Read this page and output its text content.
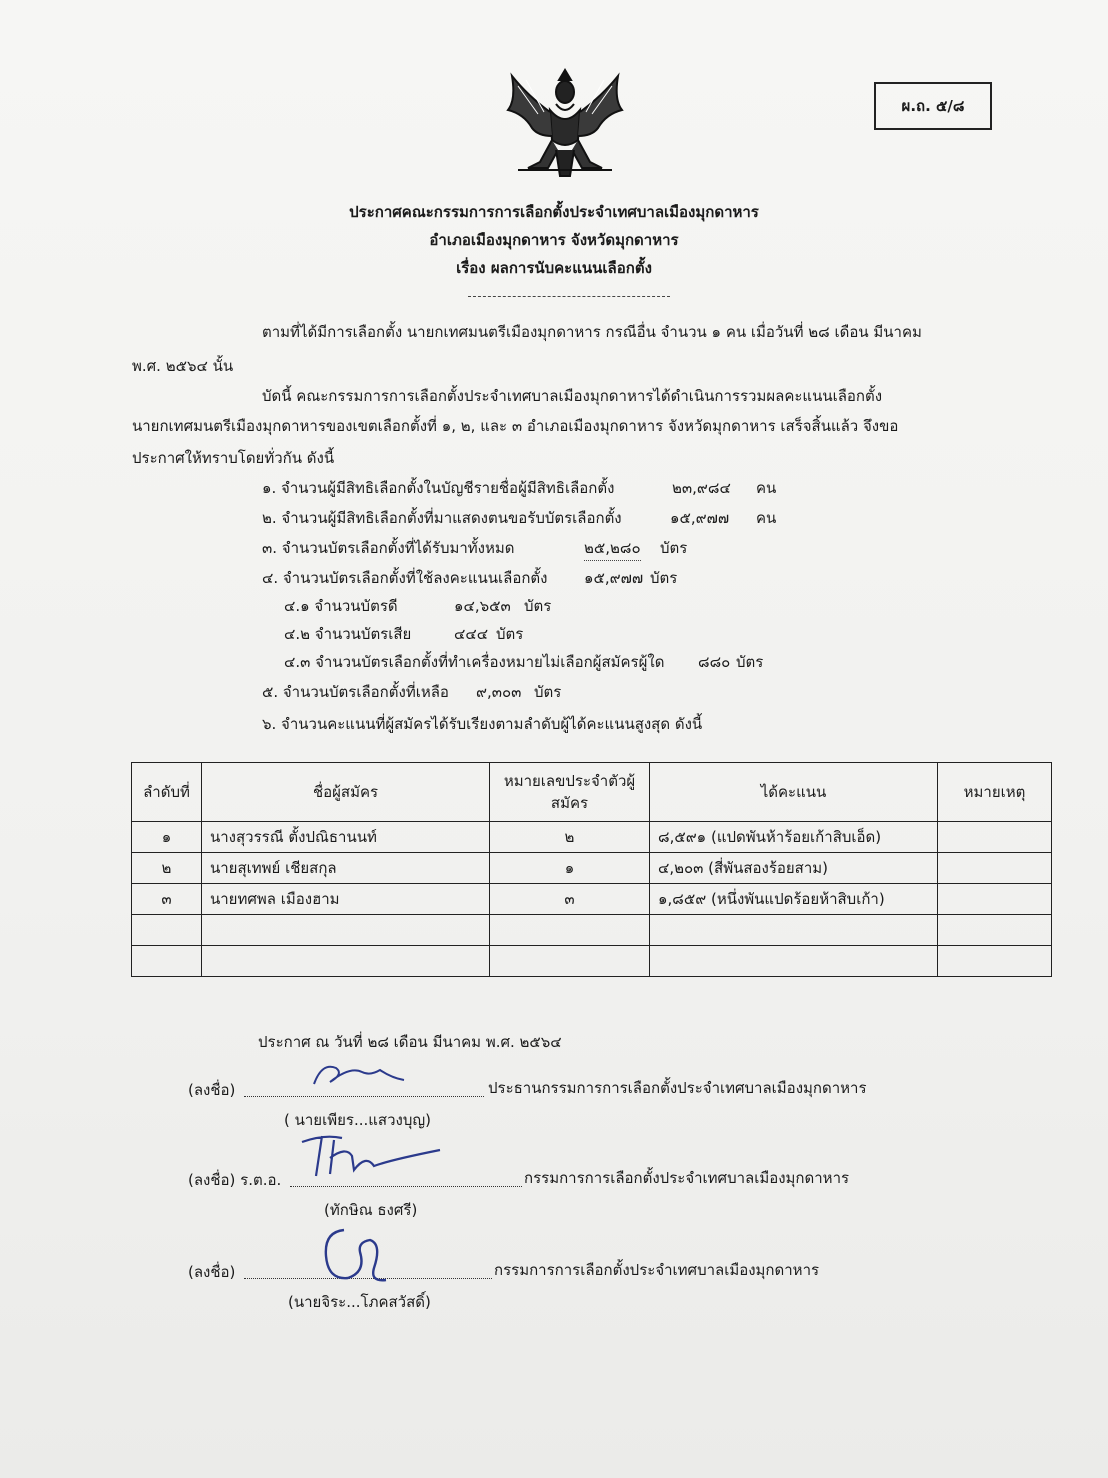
ผ.ถ. ๕/๘
ประกาศคณะกรรมการการเลือกตั้งประจำเทศบาลเมืองมุกดาหาร
อำเภอเมืองมุกดาหาร จังหวัดมุกดาหาร
เรื่อง ผลการนับคะแนนเลือกตั้ง
ตามที่ได้มีการเลือกตั้ง นายกเทศมนตรีเมืองมุกดาหาร กรณีอื่น จำนวน ๑ คน เมื่อวันที่ ๒๘ เดือน มีนาคม
พ.ศ. ๒๕๖๔ นั้น
บัดนี้ คณะกรรมการการเลือกตั้งประจำเทศบาลเมืองมุกดาหารได้ดำเนินการรวมผลคะแนนเลือกตั้ง
นายกเทศมนตรีเมืองมุกดาหารของเขตเลือกตั้งที่ ๑, ๒, และ ๓ อำเภอเมืองมุกดาหาร จังหวัดมุกดาหาร เสร็จสิ้นแล้ว จึงขอ
ประกาศให้ทราบโดยทั่วกัน ดังนี้
๑. จำนวนผู้มีสิทธิเลือกตั้งในบัญชีรายชื่อผู้มีสิทธิเลือกตั้ง	๒๓,๙๘๔ คน
๒. จำนวนผู้มีสิทธิเลือกตั้งที่มาแสดงตนขอรับบัตรเลือกตั้ง	๑๕,๙๗๗ คน
๓. จำนวนบัตรเลือกตั้งที่ได้รับมาทั้งหมด	๒๕,๒๘๐ บัตร
๔. จำนวนบัตรเลือกตั้งที่ใช้ลงคะแนนเลือกตั้ง ๑๕,๙๗๗ บัตร
๔.๑ จำนวนบัตรดี	๑๔,๖๕๓ บัตร
๔.๒ จำนวนบัตรเสีย	๔๔๔ บัตร
๔.๓ จำนวนบัตรเลือกตั้งที่ทำเครื่องหมายไม่เลือกผู้สมัครผู้ใด ๘๘๐ บัตร
๕. จำนวนบัตรเลือกตั้งที่เหลือ ๙,๓๐๓ บัตร
๖. จำนวนคะแนนที่ผู้สมัครได้รับเรียงตามลำดับผู้ได้คะแนนสูงสุด ดังนี้
ลำดับที่	ชื่อผู้สมัคร	หมายเลขประจำตัวผู้สมัคร	ได้คะแนน	หมายเหตุ
๑	นางสุวรรณี ตั้งปณิธานนท์	๒	๘,๕๙๑ (แปดพันห้าร้อยเก้าสิบเอ็ด)	
๒	นายสุเทพย์ เชียสกุล	๑	๔,๒๐๓ (สี่พันสองร้อยสาม)	
๓	นายทศพล เมืองฮาม	๓	๑,๘๕๙ (หนึ่งพันแปดร้อยห้าสิบเก้า)	

ประกาศ ณ วันที่ ๒๘ เดือน มีนาคม พ.ศ. ๒๕๖๔
(ลงชื่อ)	ประธานกรรมการการเลือกตั้งประจำเทศบาลเมืองมุกดาหาร
( นายเพียร...แสวงบุญ)
(ลงชื่อ) ร.ต.อ.	กรรมการการเลือกตั้งประจำเทศบาลเมืองมุกดาหาร
(ทักษิณ ธงศรี)
(ลงชื่อ)	กรรมการการเลือกตั้งประจำเทศบาลเมืองมุกดาหาร
(นายจิระ...โภคสวัสดิ์)
